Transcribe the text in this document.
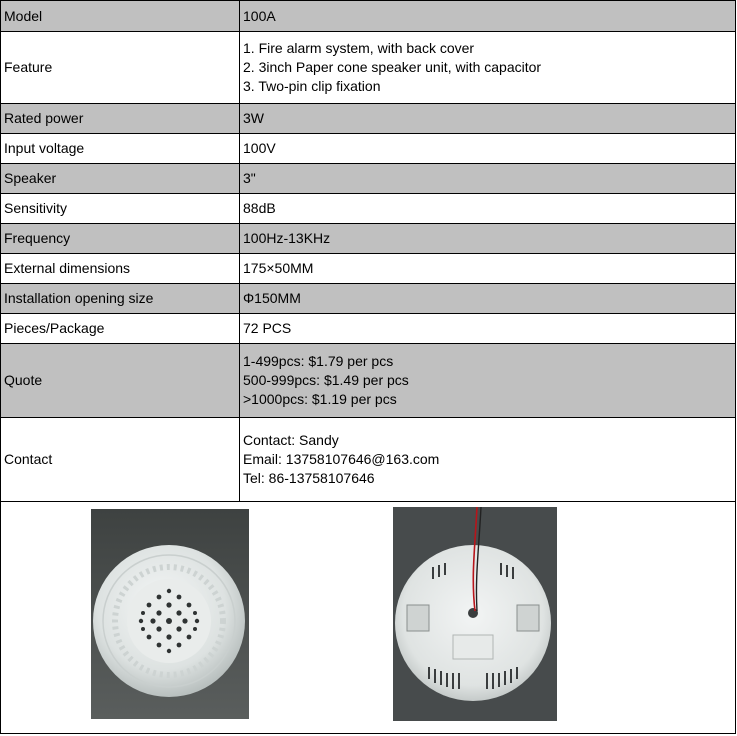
Model	100A

Feature	1. Fire alarm system, with back cover
2. 3inch Paper cone speaker unit, with capacitor
3. Two-pin clip fixation

Rated power	3W

Input voltage	100V

Speaker	3"

Sensitivity	88dB

Frequency	100Hz-13KHz

External dimensions	175×50MM

Installation opening size	Φ150MM

Pieces/Package	72 PCS

Quote	1-499pcs: $1.79 per pcs
500-999pcs: $1.49 per pcs
>1000pcs: $1.19 per pcs

Contact	Contact: Sandy
Email: 13758107646@163.com
Tel: 86-13758107646
